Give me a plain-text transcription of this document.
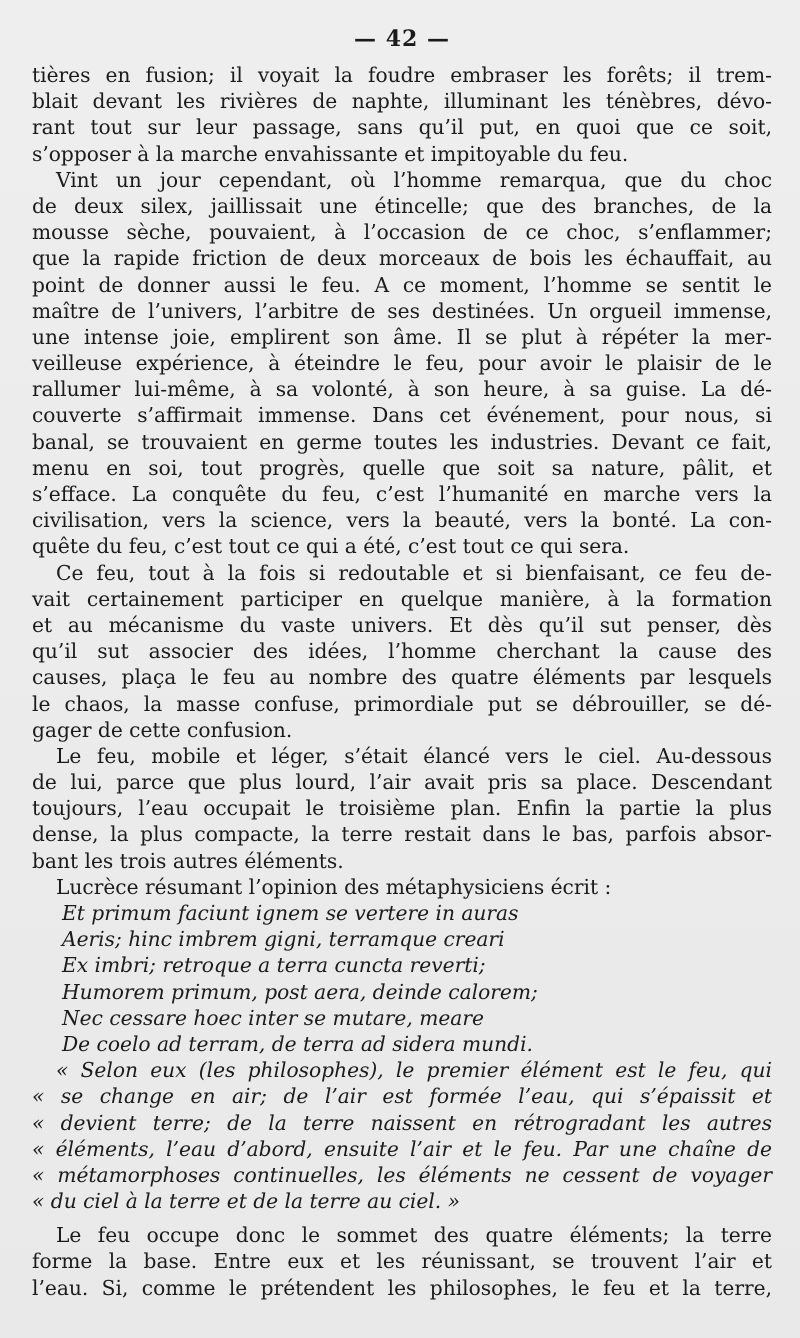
— 42 —
tières en fusion; il voyait la foudre embraser les forêts; il trem-
blait devant les rivières de naphte, illuminant les ténèbres, dévo-
rant tout sur leur passage, sans qu’il put, en quoi que ce soit,
s’opposer à la marche envahissante et impitoyable du feu.
Vint un jour cependant, où l’homme remarqua, que du choc
de deux silex, jaillissait une étincelle; que des branches, de la
mousse sèche, pouvaient, à l’occasion de ce choc, s’enflammer;
que la rapide friction de deux morceaux de bois les échauffait, au
point de donner aussi le feu. A ce moment, l’homme se sentit le
maître de l’univers, l’arbitre de ses destinées. Un orgueil immense,
une intense joie, emplirent son âme. Il se plut à répéter la mer-
veilleuse expérience, à éteindre le feu, pour avoir le plaisir de le
rallumer lui-même, à sa volonté, à son heure, à sa guise. La dé-
couverte s’affirmait immense. Dans cet événement, pour nous, si
banal, se trouvaient en germe toutes les industries. Devant ce fait,
menu en soi, tout progrès, quelle que soit sa nature, pâlit, et
s’efface. La conquête du feu, c’est l’humanité en marche vers la
civilisation, vers la science, vers la beauté, vers la bonté. La con-
quête du feu, c’est tout ce qui a été, c’est tout ce qui sera.
Ce feu, tout à la fois si redoutable et si bienfaisant, ce feu de-
vait certainement participer en quelque manière, à la formation
et au mécanisme du vaste univers. Et dès qu’il sut penser, dès
qu’il sut associer des idées, l’homme cherchant la cause des
causes, plaça le feu au nombre des quatre éléments par lesquels
le chaos, la masse confuse, primordiale put se débrouiller, se dé-
gager de cette confusion.
Le feu, mobile et léger, s’était élancé vers le ciel. Au-dessous
de lui, parce que plus lourd, l’air avait pris sa place. Descendant
toujours, l’eau occupait le troisième plan. Enfin la partie la plus
dense, la plus compacte, la terre restait dans le bas, parfois absor-
bant les trois autres éléments.
Lucrèce résumant l’opinion des métaphysiciens écrit :
Et primum faciunt ignem se vertere in auras
Aeris; hinc imbrem gigni, terramque creari
Ex imbri; retroque a terra cuncta reverti;
Humorem primum, post aera, deinde calorem;
Nec cessare hoec inter se mutare, meare
De coelo ad terram, de terra ad sidera mundi.
« Selon eux (les philosophes), le premier élément est le feu, qui
« se change en air; de l’air est formée l’eau, qui s’épaissit et
« devient terre; de la terre naissent en rétrogradant les autres
« éléments, l’eau d’abord, ensuite l’air et le feu. Par une chaîne de
« métamorphoses continuelles, les éléments ne cessent de voyager
« du ciel à la terre et de la terre au ciel. »
Le feu occupe donc le sommet des quatre éléments; la terre
forme la base. Entre eux et les réunissant, se trouvent l’air et
l’eau. Si, comme le prétendent les philosophes, le feu et la terre,
